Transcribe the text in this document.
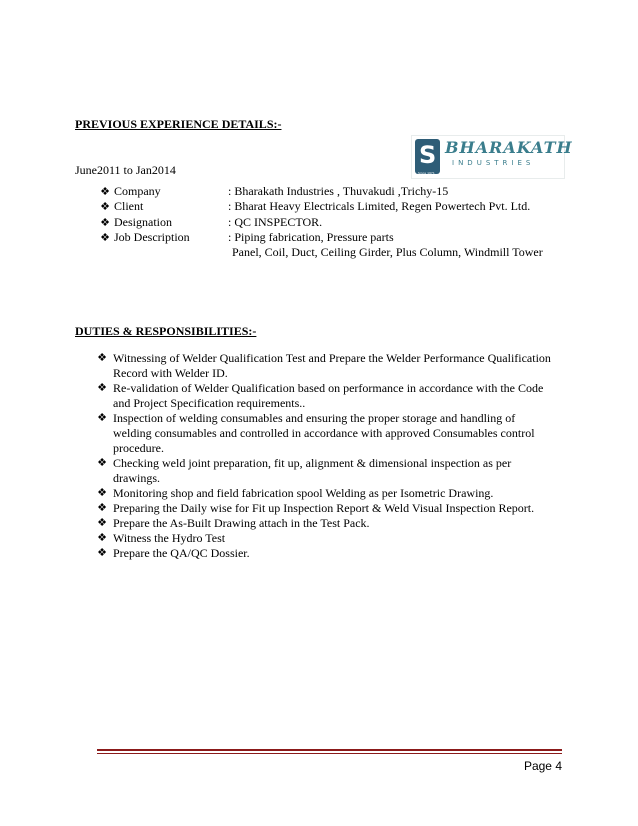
PREVIOUS EXPERIENCE DETAILS:-
S BHARAKATH
INDUSTRIES
Since 1971
June2011 to Jan2014
❖ Company	: Bharakath Industries , Thuvakudi ,Trichy-15
❖ Client	: Bharat Heavy Electricals Limited, Regen Powertech Pvt. Ltd.
❖ Designation	: QC INSPECTOR.
❖ Job Description	: Piping fabrication, Pressure parts
Panel, Coil, Duct, Ceiling Girder, Plus Column, Windmill Tower
DUTIES & RESPONSIBILITIES:-
❖ Witnessing of Welder Qualification Test and Prepare the Welder Performance Qualification Record with Welder ID.
❖ Re-validation of Welder Qualification based on performance in accordance with the Code and Project Specification requirements..
❖ Inspection of welding consumables and ensuring the proper storage and handling of welding consumables and controlled in accordance with approved Consumables control procedure.
❖ Checking weld joint preparation, fit up, alignment & dimensional inspection as per drawings.
❖ Monitoring shop and field fabrication spool Welding as per Isometric Drawing.
❖ Preparing the Daily wise for Fit up Inspection Report & Weld Visual Inspection Report.
❖ Prepare the As-Built Drawing attach in the Test Pack.
❖ Witness the Hydro Test
❖ Prepare the QA/QC Dossier.
Page 4
